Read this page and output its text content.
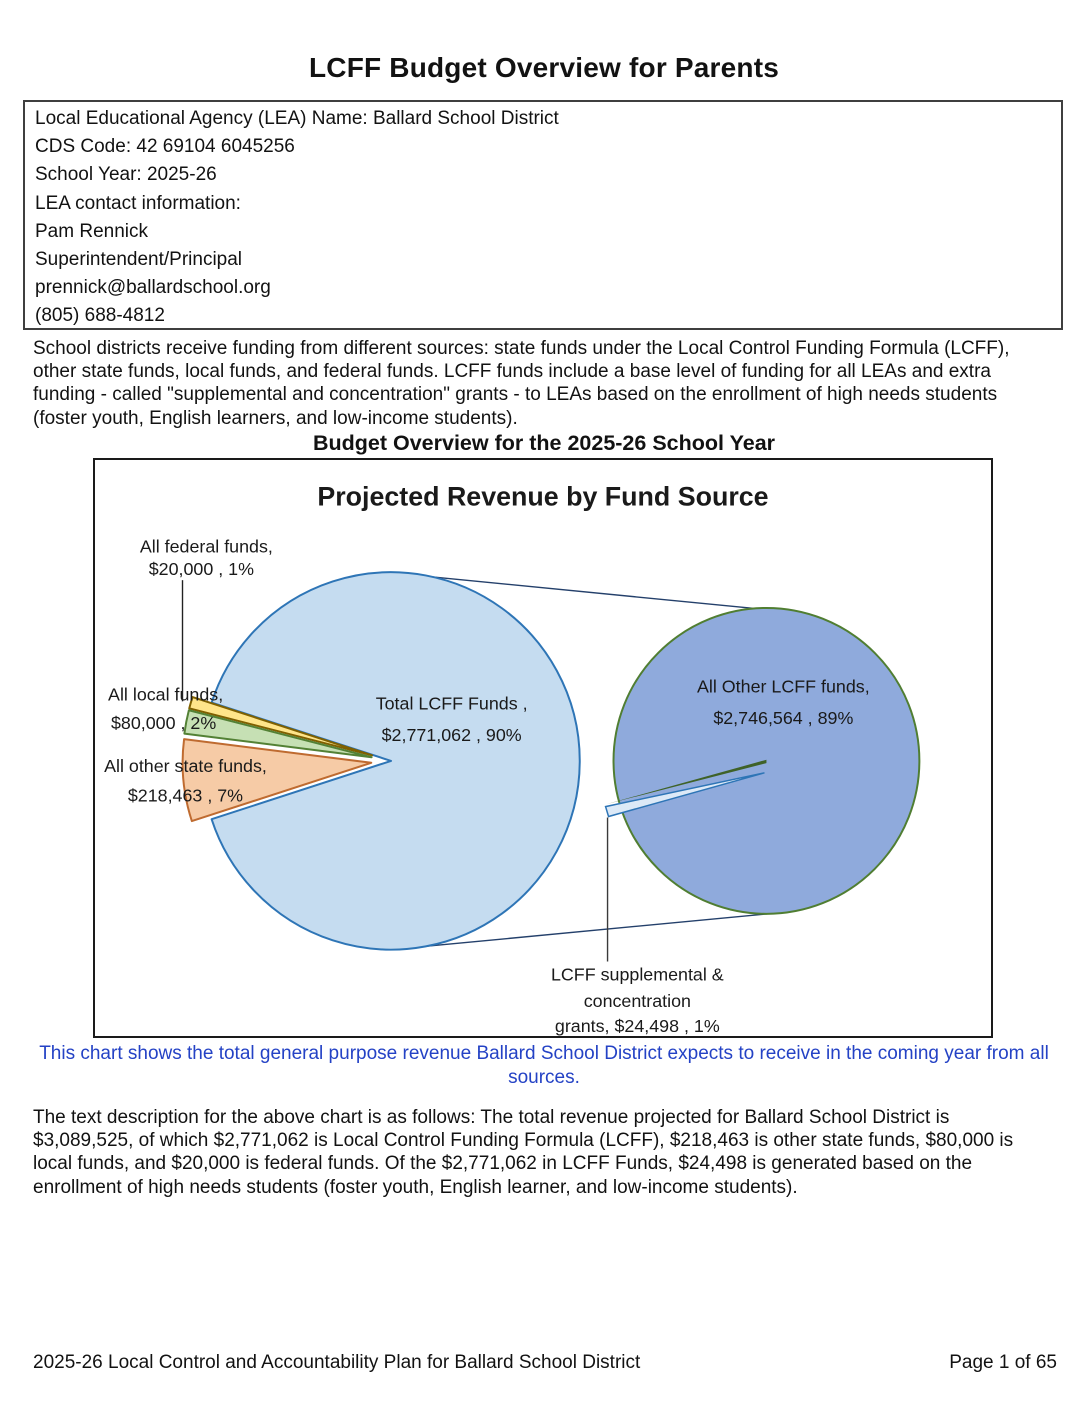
LCFF Budget Overview for Parents
Local Educational Agency (LEA) Name: Ballard School District
CDS Code: 42 69104 6045256
School Year: 2025-26
LEA contact information:
Pam Rennick
Superintendent/Principal
prennick@ballardschool.org
(805) 688-4812

School districts receive funding from different sources: state funds under the Local Control Funding Formula (LCFF), other state funds, local funds, and federal funds. LCFF funds include a base level of funding for all LEAs and extra funding - called "supplemental and concentration" grants - to LEAs based on the enrollment of high needs students (foster youth, English learners, and low-income students).

Budget Overview for the 2025-26 School Year
Projected Revenue by Fund Source
All federal funds,
$20,000 , 1%
All local funds,
$80,000 , 2%
All other state funds,
$218,463 , 7%
Total LCFF Funds ,
$2,771,062 , 90%
All Other LCFF funds,
$2,746,564 , 89%
LCFF supplemental &
concentration
grants, $24,498 , 1%

This chart shows the total general purpose revenue Ballard School District expects to receive in the coming year from all sources.

The text description for the above chart is as follows: The total revenue projected for Ballard School District is $3,089,525, of which $2,771,062 is Local Control Funding Formula (LCFF), $218,463 is other state funds, $80,000 is local funds, and $20,000 is federal funds. Of the $2,771,062 in LCFF Funds, $24,498 is generated based on the enrollment of high needs students (foster youth, English learner, and low-income students).

2025-26 Local Control and Accountability Plan for Ballard School District	Page 1 of 65
